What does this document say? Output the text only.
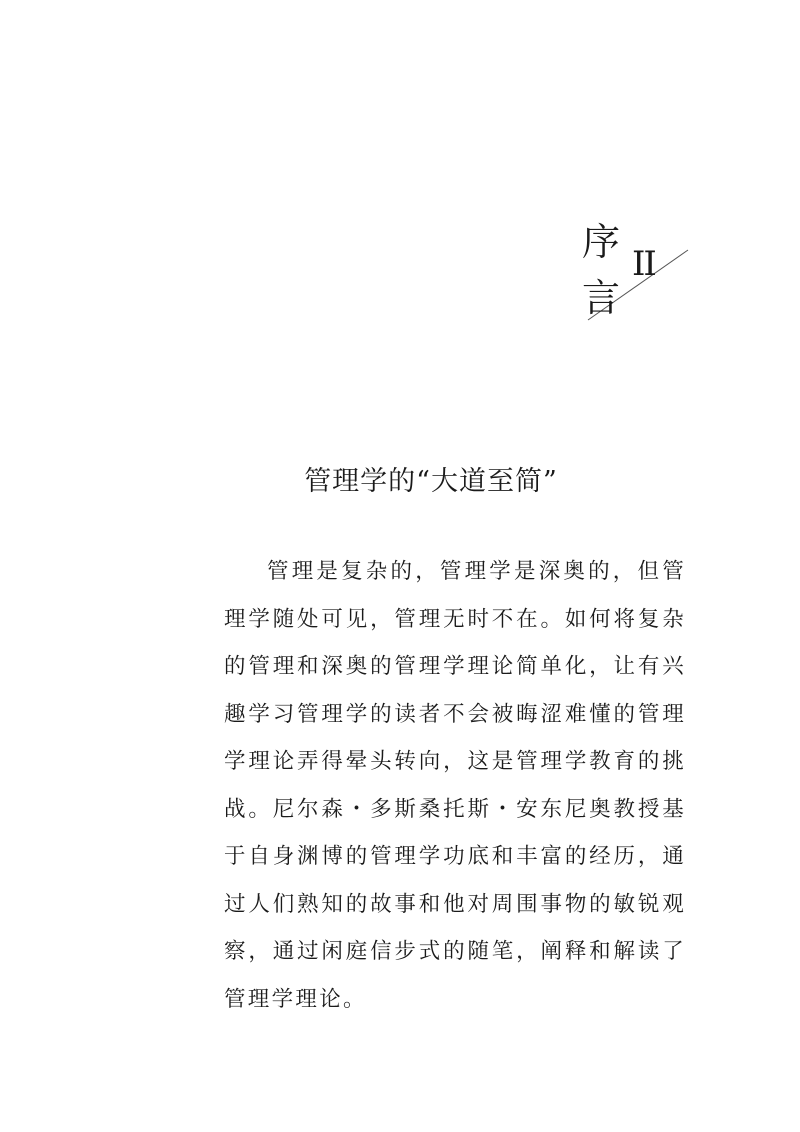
序
言
II
管理学的“大道至简”

管理是复杂的，管理学是深奥的，但管理学随处可见，管理无时不在。如何将复杂的管理和深奥的管理学理论简单化，让有兴趣学习管理学的读者不会被晦涩难懂的管理学理论弄得晕头转向，这是管理学教育的挑战。尼尔森・多斯桑托斯・安东尼奥教授基于自身渊博的管理学功底和丰富的经历，通过人们熟知的故事和他对周围事物的敏锐观察，通过闲庭信步式的随笔，阐释和解读了管理学理论。
